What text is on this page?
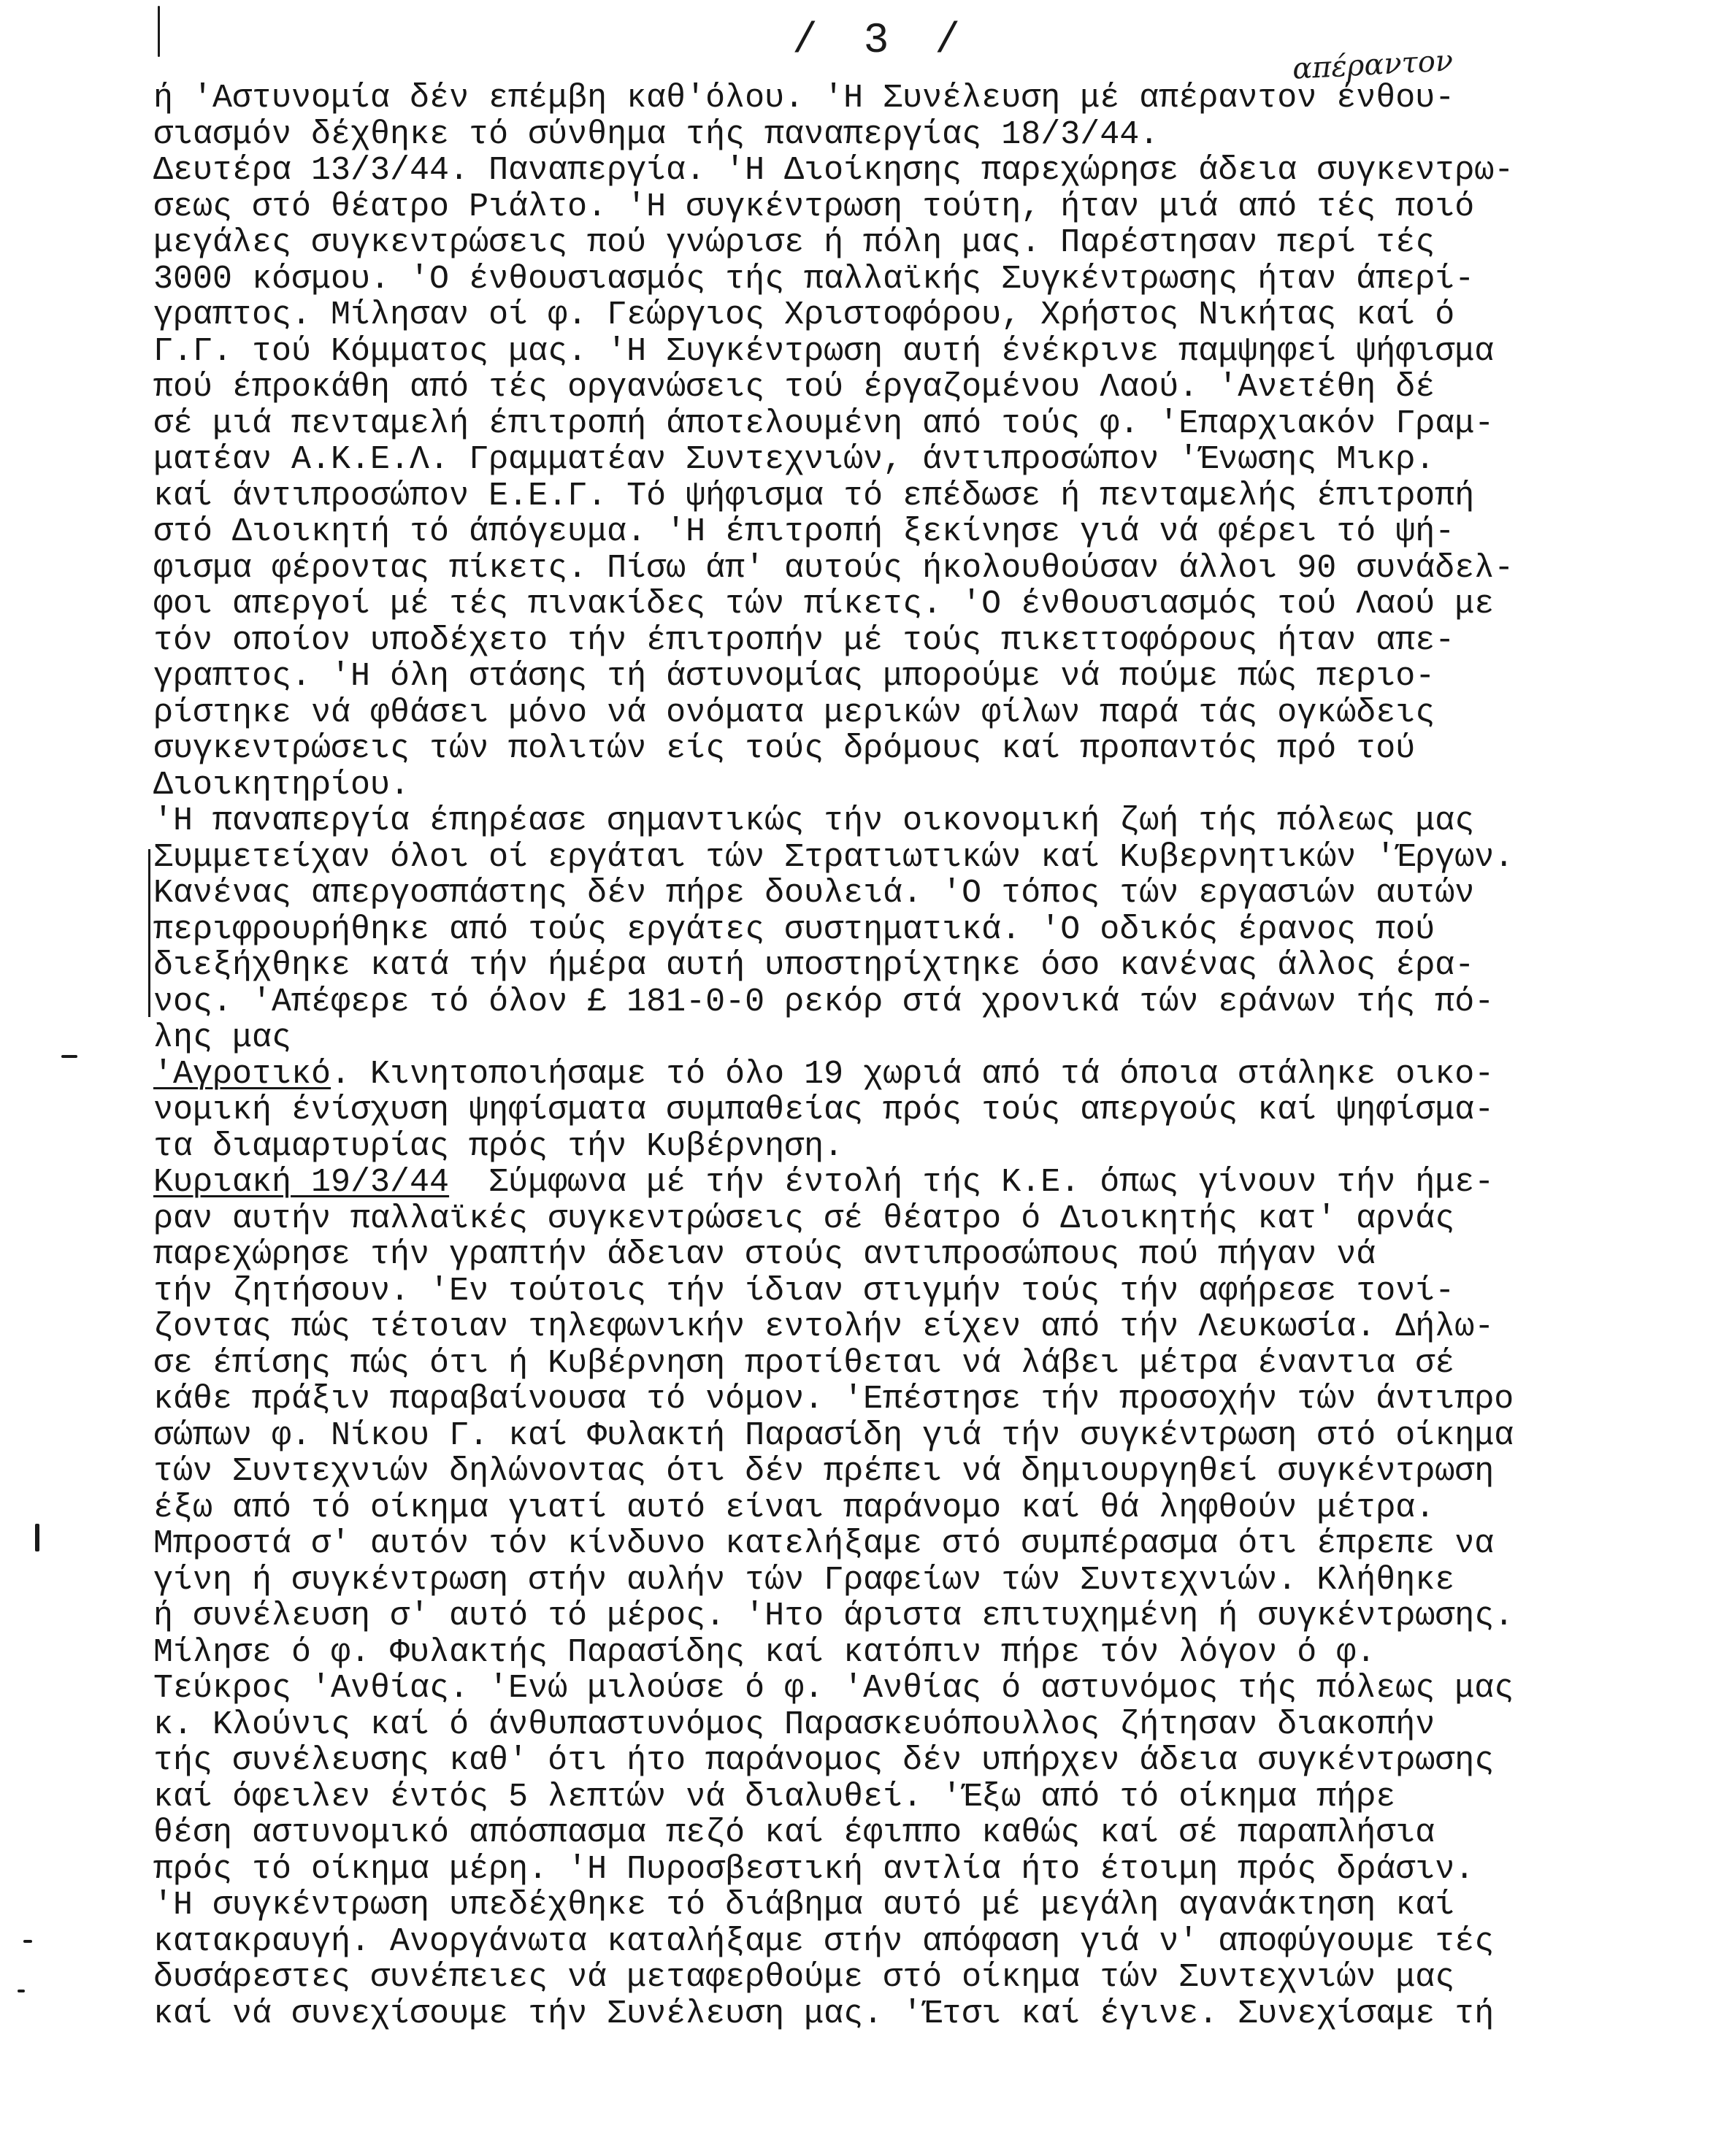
/ 3 /	απέραντον
ή 'Αστυνομία δέν επέμβη καθ'όλου. 'Η Συνέλευση μέ απέραντον ένθου-
σιασμόν δέχθηκε τό σύνθημα τής παναπεργίας 18/3/44.
Δευτέρα 13/3/44. Παναπεργία. 'Η Διοίκησης παρεχώρησε άδεια συγκεντρω-
σεως στό θέατρο Ριάλτο. 'Η συγκέντρωση τούτη, ήταν μιά από τές ποιό
μεγάλες συγκεντρώσεις πού γνώρισε ή πόλη μας. Παρέστησαν περί τές
3000 κόσμου. 'Ο ένθουσιασμός τής παλλαϊκής Συγκέντρωσης ήταν άπερί-
γραπτος. Μίλησαν οί φ. Γεώργιος Χριστοφόρου, Χρήστος Νικήτας καί ό
Γ.Γ. τού Κόμματος μας. 'Η Συγκέντρωση αυτή ένέκρινε παμψηφεί ψήφισμα
πού έπροκάθη από τές οργανώσεις τού έργαζομένου Λαού. 'Ανετέθη δέ
σέ μιά πενταμελή έπιτροπή άποτελουμένη από τούς φ. 'Επαρχιακόν Γραμ-
ματέαν Α.Κ.Ε.Λ. Γραμματέαν Συντεχνιών, άντιπροσώπον 'Ένωσης Μικρ.
καί άντιπροσώπον Ε.Ε.Γ. Τό ψήφισμα τό επέδωσε ή πενταμελής έπιτροπή
στό Διοικητή τό άπόγευμα. 'Η έπιτροπή ξεκίνησε γιά νά φέρει τό ψή-
φισμα φέροντας πίκετς. Πίσω άπ' αυτούς ήκολουθούσαν άλλοι 90 συνάδελ-
φοι απεργοί μέ τές πινακίδες τών πίκετς. 'Ο ένθουσιασμός τού Λαού με
τόν οποίον υποδέχετο τήν έπιτροπήν μέ τούς πικεττοφόρους ήταν απε-
γραπτος. 'Η όλη στάσης τή άστυνομίας μπορούμε νά πούμε πώς περιο-
ρίστηκε νά φθάσει μόνο νά ονόματα μερικών φίλων παρά τάς ογκώδεις
συγκεντρώσεις τών πολιτών είς τούς δρόμους καί προπαντός πρό τού
Διοικητηρίου.
'Η παναπεργία έπηρέασε σημαντικώς τήν οικονομική ζωή τής πόλεως μας
Συμμετείχαν όλοι οί εργάται τών Στρατιωτικών καί Κυβερνητικών 'Έργων.
Κανένας απεργοσπάστης δέν πήρε δουλειά. 'Ο τόπος τών εργασιών αυτών
περιφρουρήθηκε από τούς εργάτες συστηματικά. 'Ο οδικός έρανος πού
διεξήχθηκε κατά τήν ήμέρα αυτή υποστηρίχτηκε όσο κανένας άλλος έρα-
νος. 'Απέφερε τό όλον £ 181-0-0 ρεκόρ στά χρονικά τών εράνων τής πό-
λης μας
'Αγροτικό. Κινητοποιήσαμε τό όλο 19 χωριά από τά όποια στάληκε οικο-
νομική ένίσχυση ψηφίσματα συμπαθείας πρός τούς απεργούς καί ψηφίσμα-
τα διαμαρτυρίας πρός τήν Κυβέρνηση.
Κυριακή 19/3/44  Σύμφωνα μέ τήν έντολή τής Κ.Ε. όπως γίνουν τήν ήμε-
ραν αυτήν παλλαϊκές συγκεντρώσεις σέ θέατρο ό Διοικητής κατ' αρνάς
παρεχώρησε τήν γραπτήν άδειαν στούς αντιπροσώπους πού πήγαν νά
τήν ζητήσουν. 'Εν τούτοις τήν ίδιαν στιγμήν τούς τήν αφήρεσε τονί-
ζοντας πώς τέτοιαν τηλεφωνικήν εντολήν είχεν από τήν Λευκωσία. Δήλω-
σε έπίσης πώς ότι ή Κυβέρνηση προτίθεται νά λάβει μέτρα έναντια σέ
κάθε πράξιν παραβαίνουσα τό νόμον. 'Επέστησε τήν προσοχήν τών άντιπρο
σώπων φ. Νίκου Γ. καί Φυλακτή Παρασίδη γιά τήν συγκέντρωση στό οίκημα
τών Συντεχνιών δηλώνοντας ότι δέν πρέπει νά δημιουργηθεί συγκέντρωση
έξω από τό οίκημα γιατί αυτό είναι παράνομο καί θά ληφθούν μέτρα.
Μπροστά σ' αυτόν τόν κίνδυνο κατελήξαμε στό συμπέρασμα ότι έπρεπε να
γίνη ή συγκέντρωση στήν αυλήν τών Γραφείων τών Συντεχνιών. Κλήθηκε
ή συνέλευση σ' αυτό τό μέρος. 'Ητο άριστα επιτυχημένη ή συγκέντρωσης.
Μίλησε ό φ. Φυλακτής Παρασίδης καί κατόπιν πήρε τόν λόγον ό φ.
Τεύκρος 'Ανθίας. 'Ενώ μιλούσε ό φ. 'Ανθίας ό αστυνόμος τής πόλεως μας
κ. Κλούνις καί ό άνθυπαστυνόμος Παρασκευόπουλλος ζήτησαν διακοπήν
τής συνέλευσης καθ' ότι ήτο παράνομος δέν υπήρχεν άδεια συγκέντρωσης
καί όφειλεν έντός 5 λεπτών νά διαλυθεί. 'Έξω από τό οίκημα πήρε
θέση αστυνομικό απόσπασμα πεζό καί έφιππο καθώς καί σέ παραπλήσια
πρός τό οίκημα μέρη. 'Η Πυροσβεστική αντλία ήτο έτοιμη πρός δράσιν.
'Η συγκέντρωση υπεδέχθηκε τό διάβημα αυτό μέ μεγάλη αγανάκτηση καί
κατακραυγή. Ανοργάνωτα καταλήξαμε στήν απόφαση γιά ν' αποφύγουμε τές
δυσάρεστες συνέπειες νά μεταφερθούμε στό οίκημα τών Συντεχνιών μας
καί νά συνεχίσουμε τήν Συνέλευση μας. 'Έτσι καί έγινε. Συνεχίσαμε τή
